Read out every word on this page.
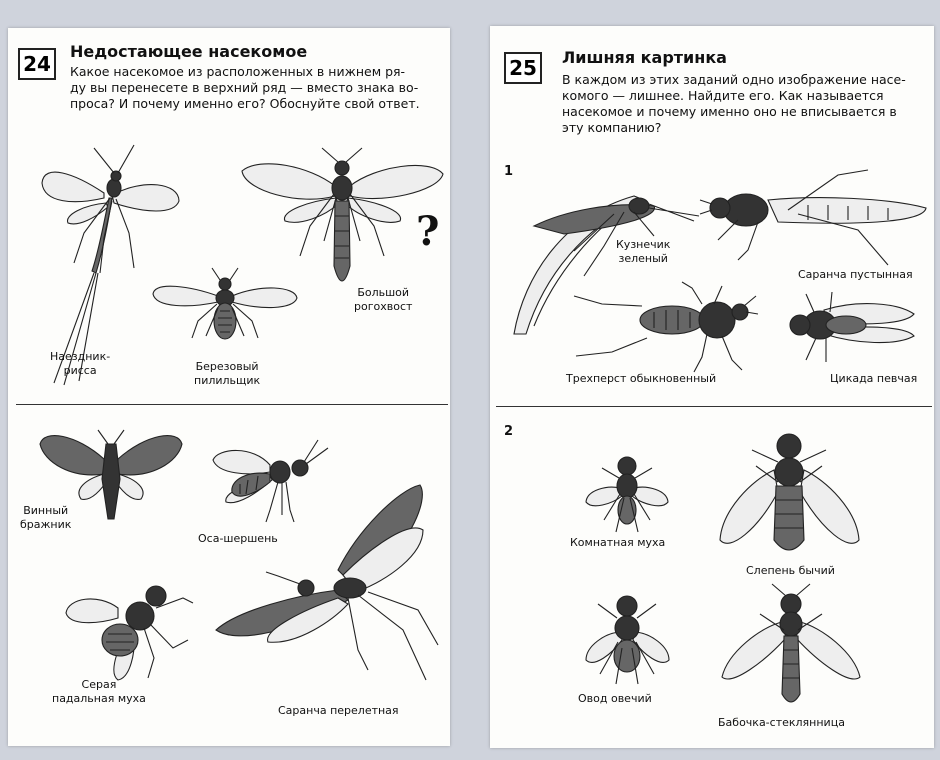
24
Недостающее насекомое
Какое насекомое из расположенных в нижнем ря-
ду вы перенесете в верхний ряд — вместо знака во-
проса? И почему именно его? Обоснуйте свой ответ.
Наездник-
рисса	Березовый
пилильщик
?
Большой
рогохвост
Винный
бражник
Оса-шершень
Серая
падальная муха
Саранча перелетная
25	Лишняя картинка
В каждом из этих заданий одно изображение насе-
комого — лишнее. Найдите его. Как называется
насекомое и почему именно оно не вписывается в
эту компанию?
1
Кузнечик
зеленый
Саранча пустынная
Трехперст обыкновенный	Цикада певчая
2
Комнатная муха
Слепень бычий
Овод овечий
Бабочка-стеклянница
